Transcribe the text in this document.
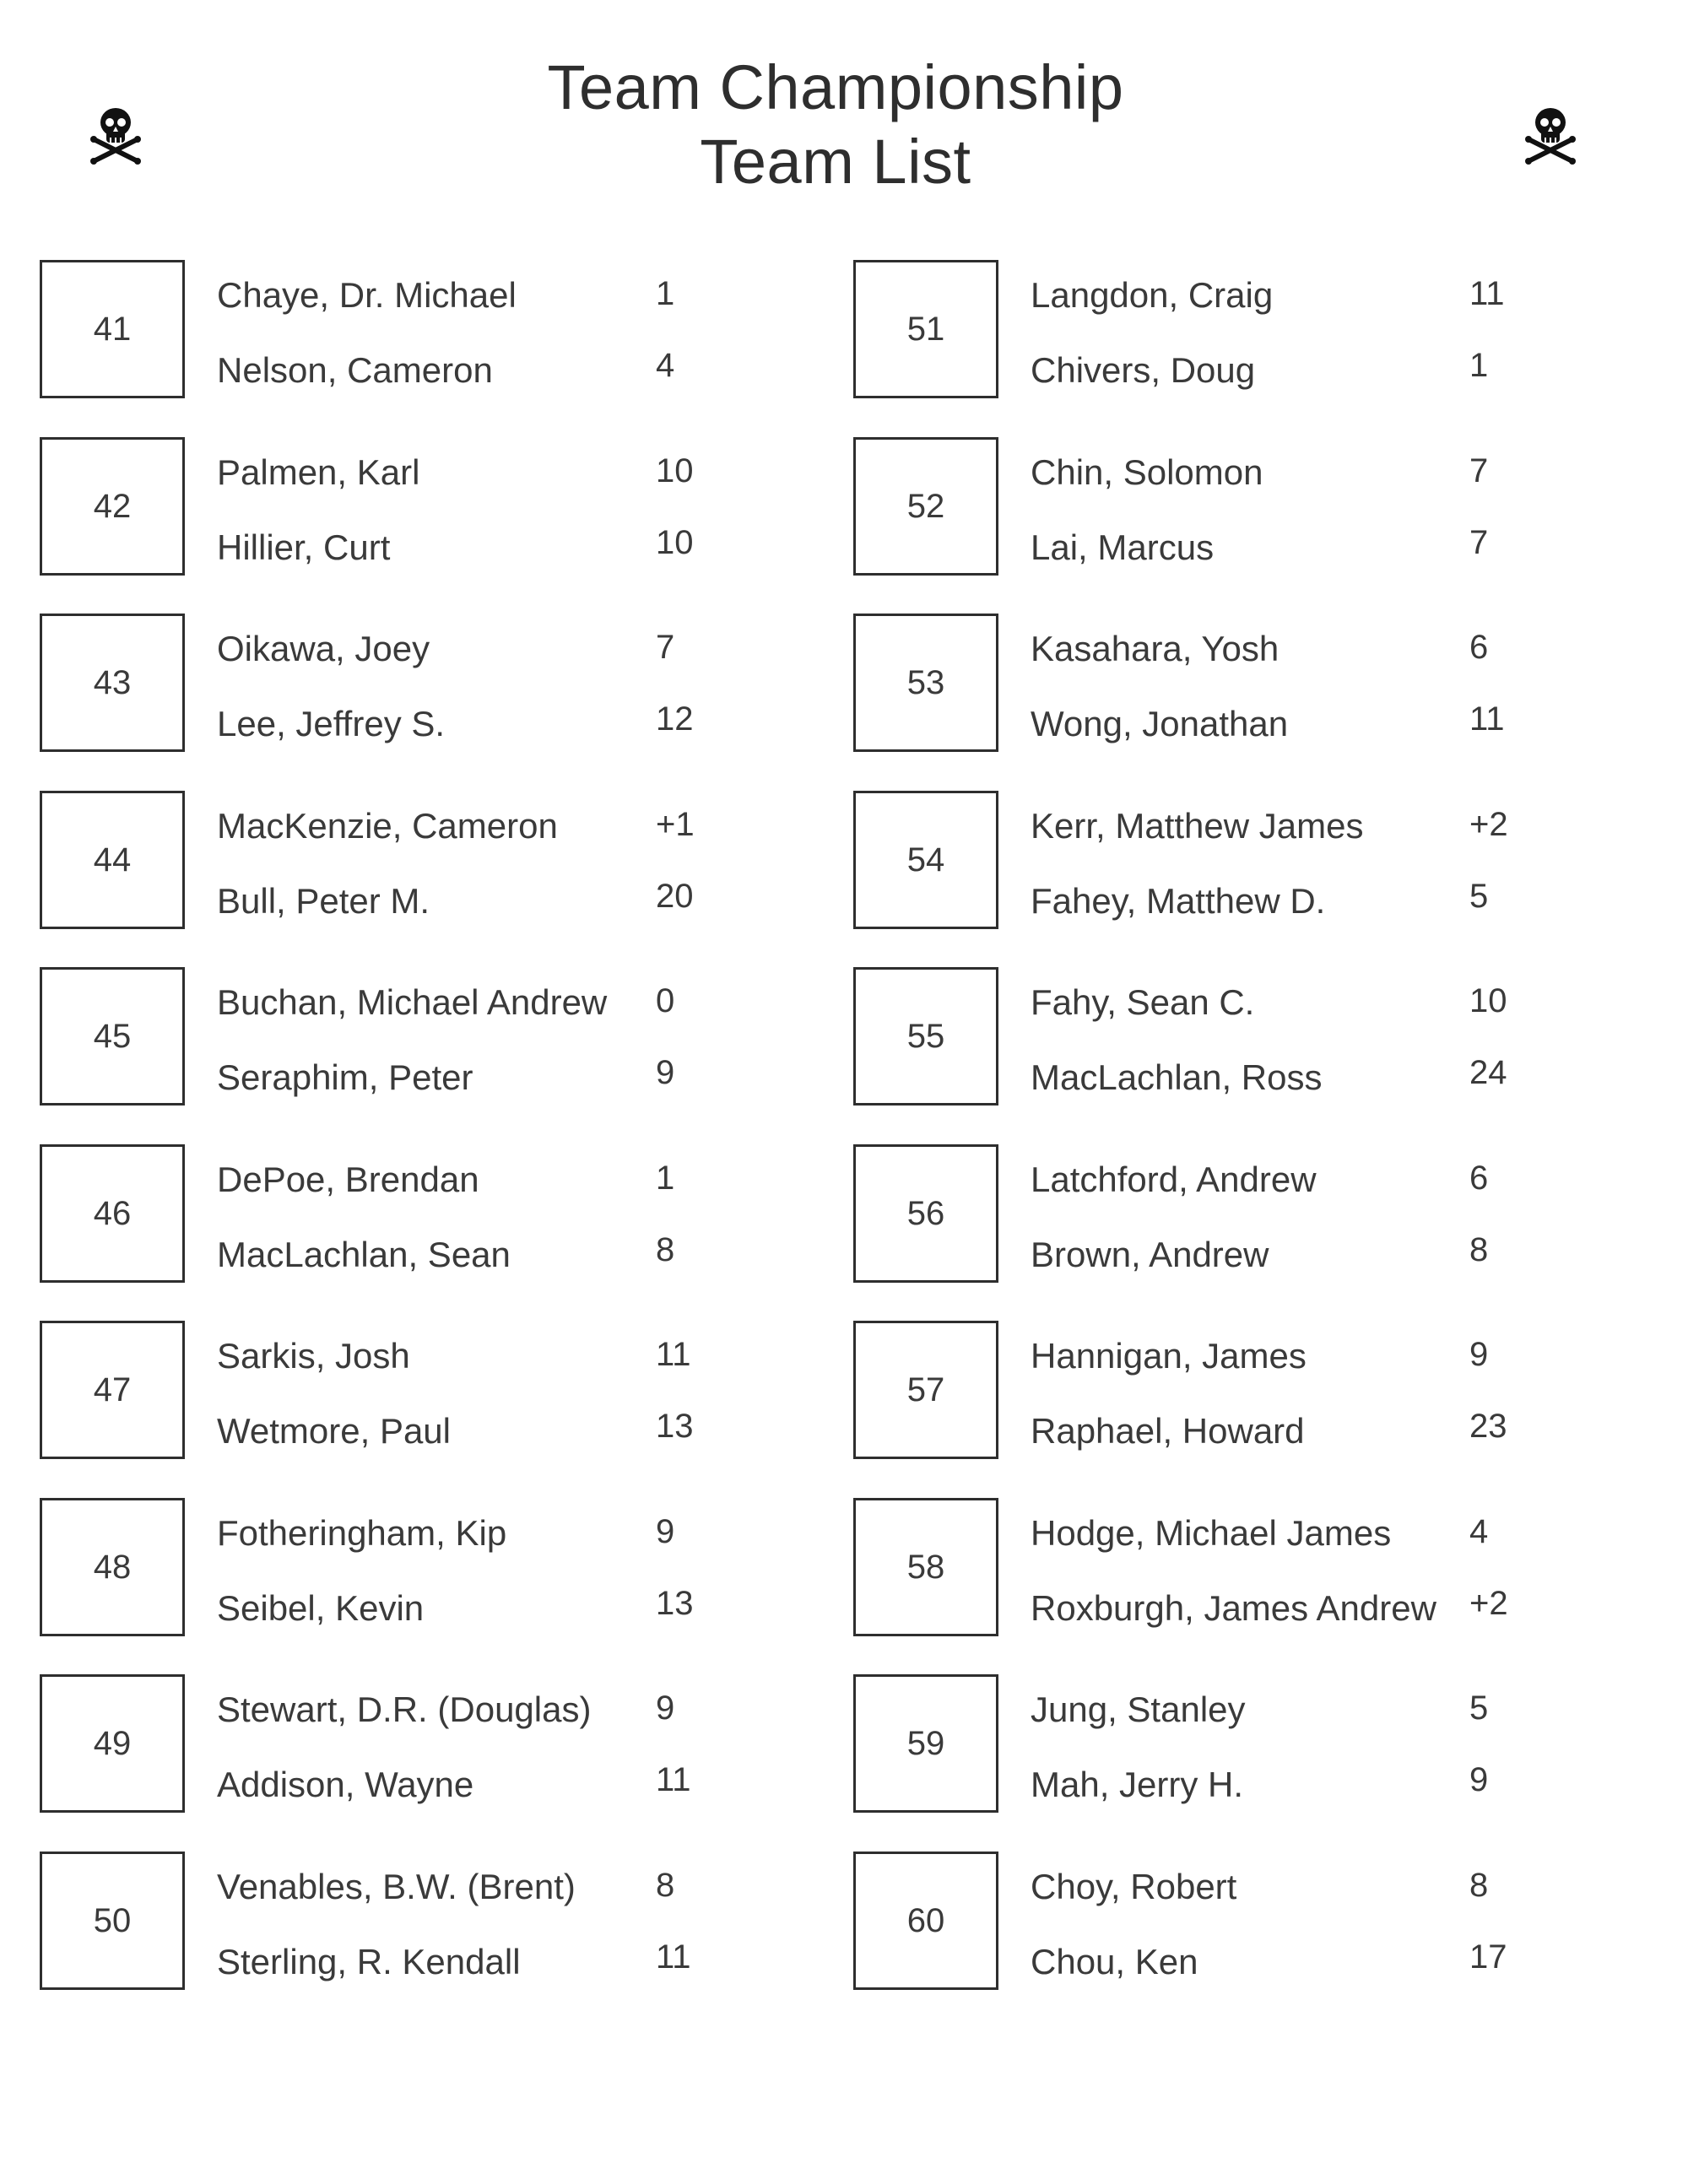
Team Championship
Team List
41
Chaye, Dr. Michael	1
Nelson, Cameron	4
42
Palmen, Karl	10
Hillier, Curt	10
43
Oikawa, Joey	7
Lee, Jeffrey S.	12
44
MacKenzie, Cameron	+1
Bull, Peter M.	20
45
Buchan, Michael Andrew 0
Seraphim, Peter	9
46
DePoe, Brendan	1
MacLachlan, Sean	8
47
Sarkis, Josh	11
Wetmore, Paul	13
48
Fotheringham, Kip	9
Seibel, Kevin	13
49
Stewart, D.R. (Douglas) 9
Addison, Wayne	11
50
Venables, B.W. (Brent) 8
Sterling, R. Kendall	11
51
Langdon, Craig	11
Chivers, Doug	1
52
Chin, Solomon	7
Lai, Marcus	7
53
Kasahara, Yosh	6
Wong, Jonathan	11
54
Kerr, Matthew James	+2
Fahey, Matthew D.	5
55
Fahy, Sean C.	10
MacLachlan, Ross	24
56
Latchford, Andrew	6
Brown, Andrew	8
57
Hannigan, James	9
Raphael, Howard	23
58
Hodge, Michael James 4
Roxburgh, James Andrew +2
59
Jung, Stanley	5
Mah, Jerry H.	9
60
Choy, Robert	8
Chou, Ken	17
